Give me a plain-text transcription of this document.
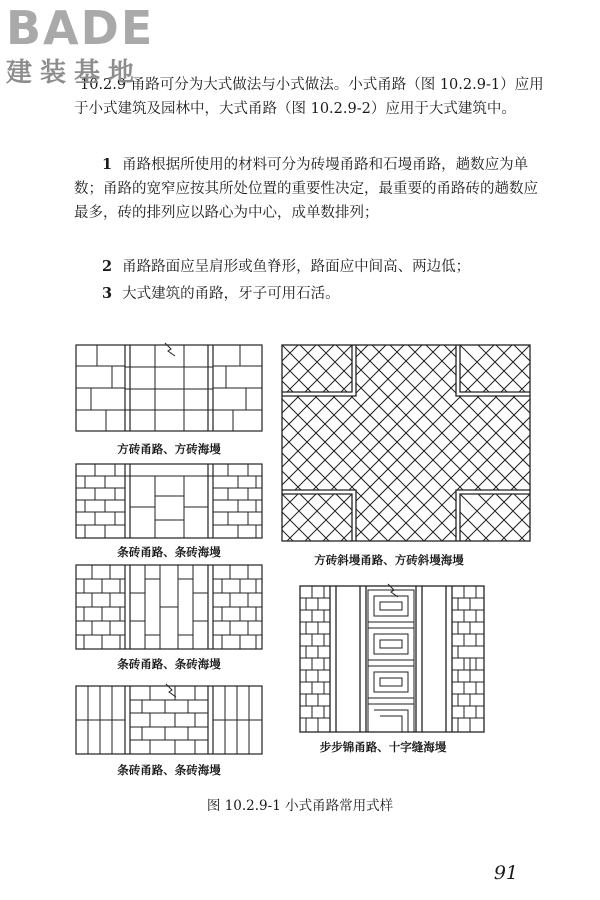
BADE
建装基地

10.2.9 甬路可分为大式做法与小式做法。小式甬路（图 10.2.9-1）应用于小式建筑及园林中，大式甬路（图 10.2.9-2）应用于大式建筑中。

1 甬路根据所使用的材料可分为砖墁甬路和石墁甬路，趟数应为单数；甬路的宽窄应按其所处位置的重要性决定，最重要的甬路砖的趟数应最多，砖的排列应以路心为中心，成单数排列；

2 甬路路面应呈肩形或鱼脊形，路面应中间高、两边低；

3 大式建筑的甬路，牙子可用石活。

方砖甬路、方砖海墁
条砖甬路、条砖海墁
条砖甬路、条砖海墁
条砖甬路、条砖海墁
方砖斜墁甬路、方砖斜墁海墁
步步锦甬路、十字缝海墁
图 10.2.9-1 小式甬路常用式样
91
